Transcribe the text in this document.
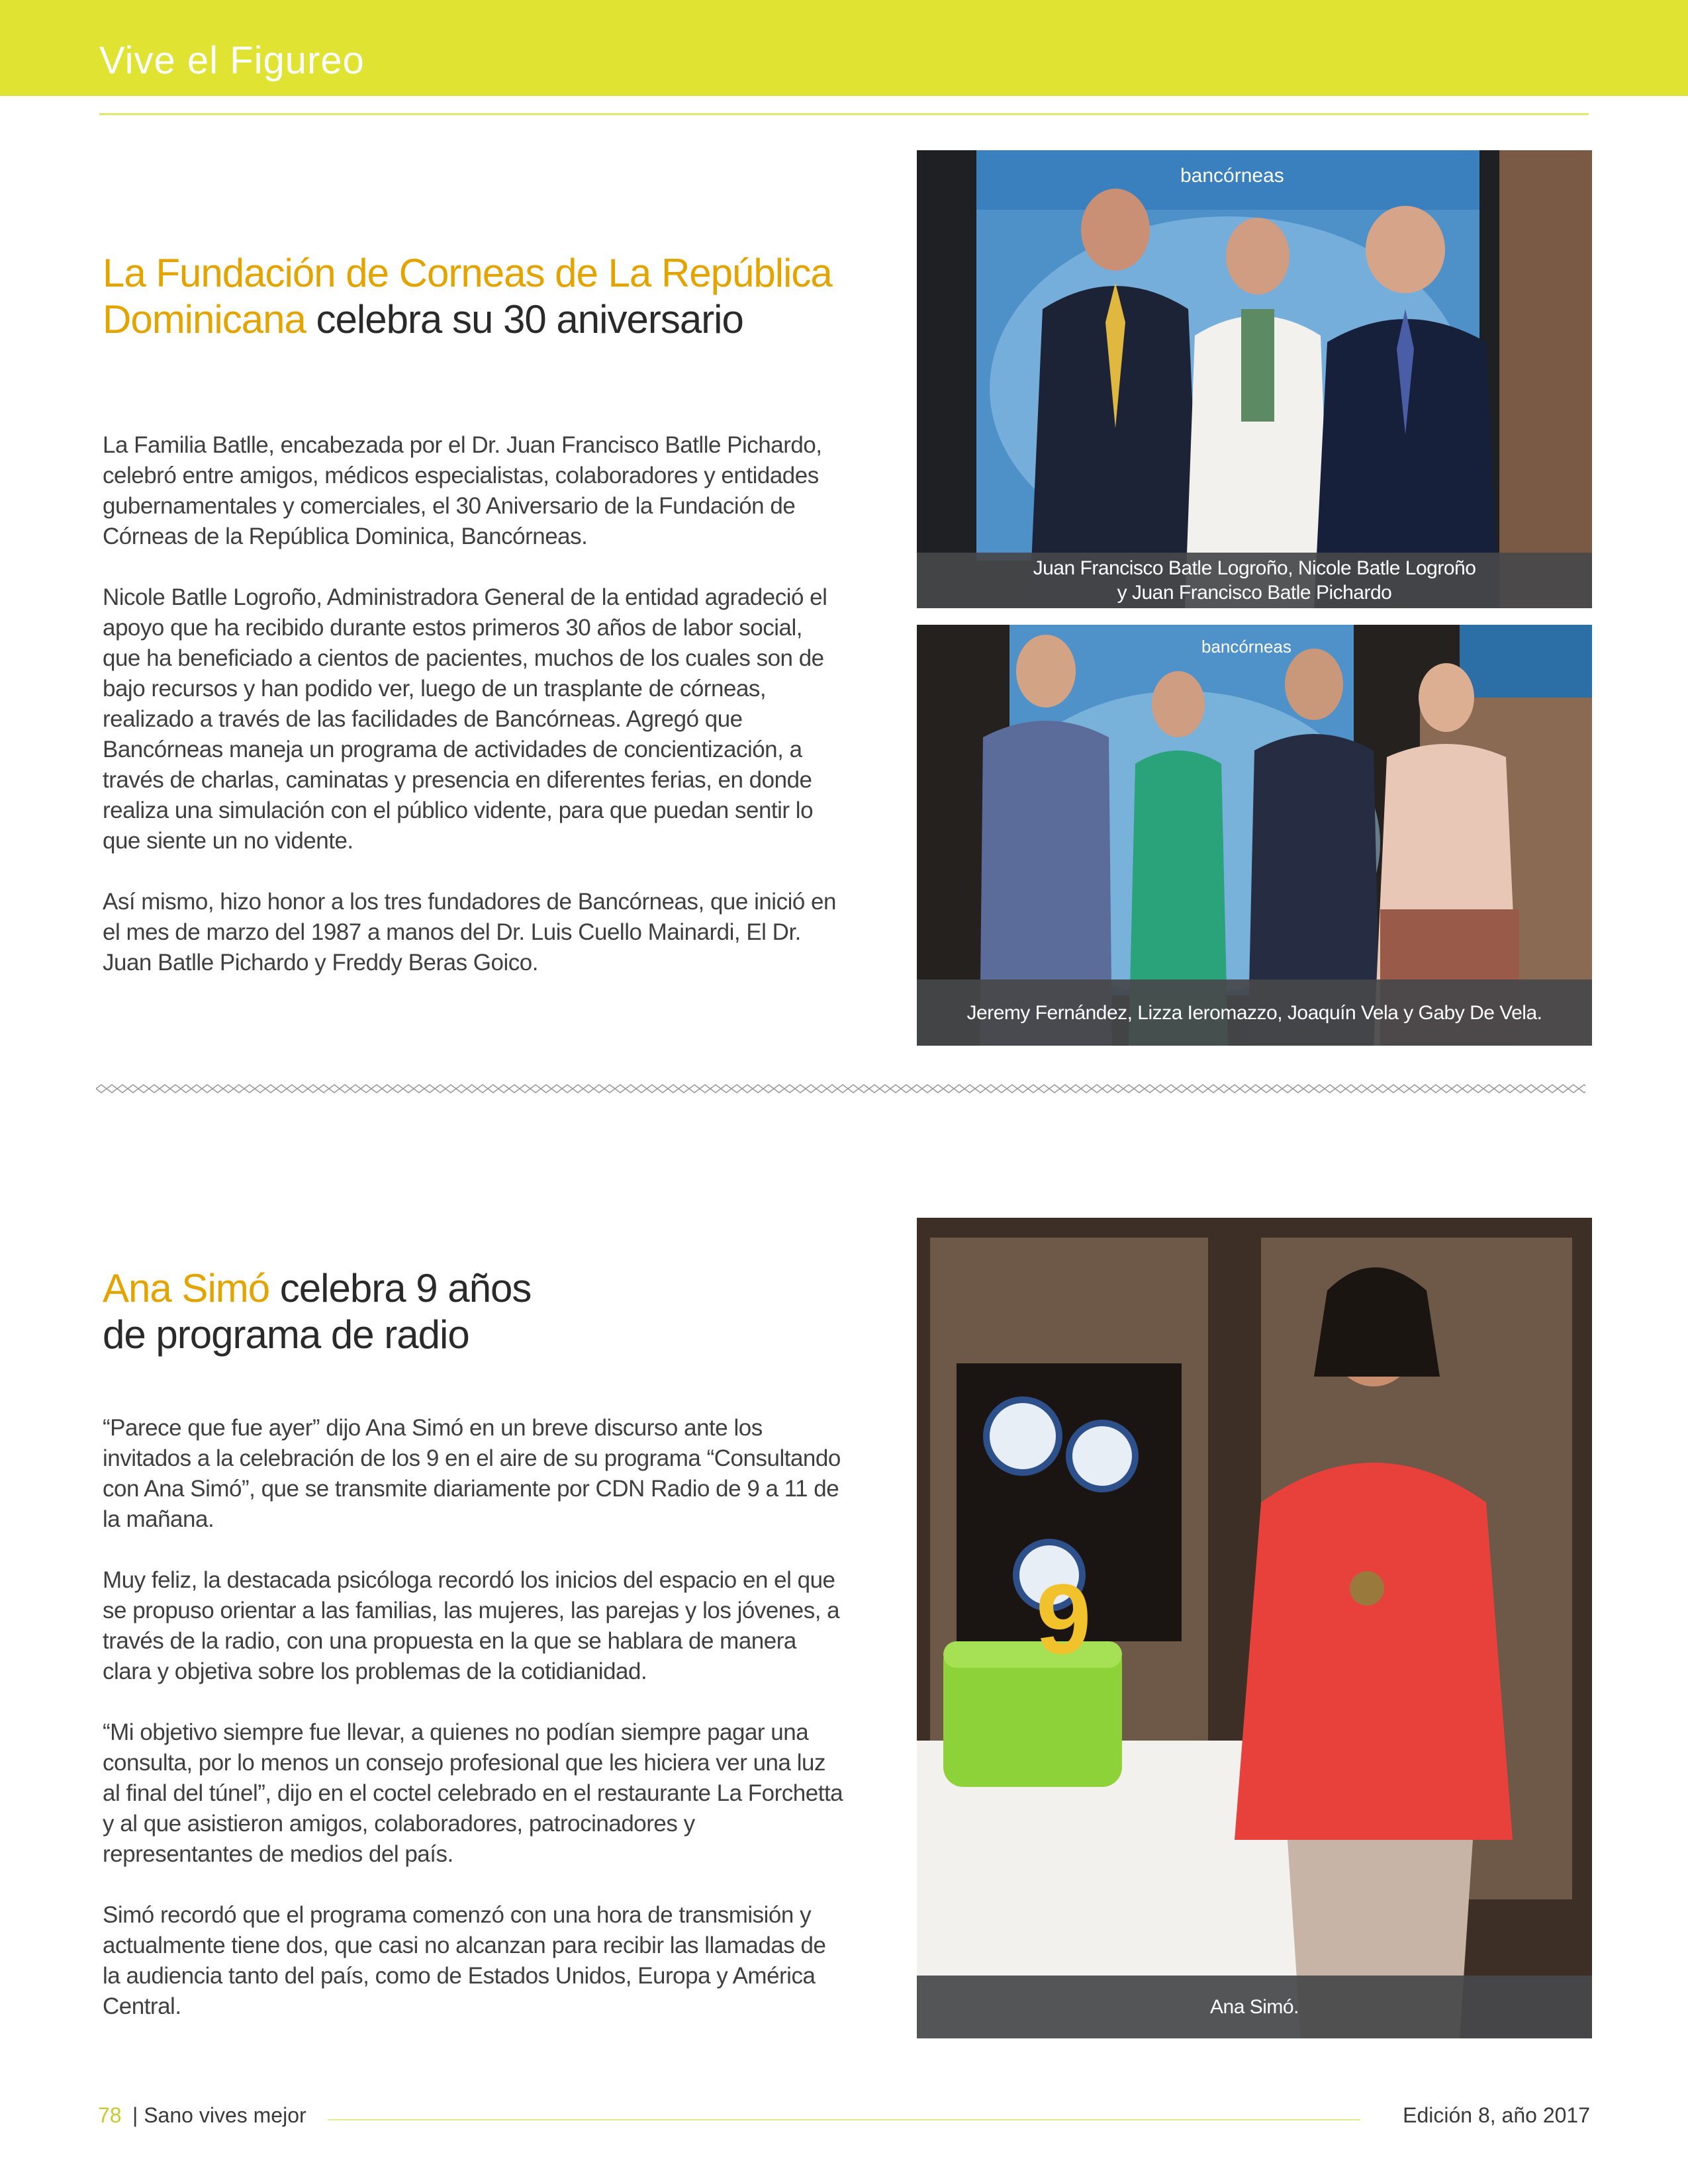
Vive el Figureo
La Fundación de Corneas de La República
Dominicana celebra su 30 aniversario

La Familia Batlle, encabezada por el Dr. Juan Francisco Batlle Pichardo, celebró entre amigos, médicos especialistas, colaboradores y entidades gubernamentales y comerciales, el 30 Aniversario de la Fundación de Córneas de la República Dominica, Bancórneas.

Nicole Batlle Logroño, Administradora General de la entidad agradeció el apoyo que ha recibido durante estos primeros 30 años de labor social, que ha beneficiado a cientos de pacientes, muchos de los cuales son de bajo recursos y han podido ver, luego de un trasplante de córneas, realizado a través de las facilidades de Bancórneas. Agregó que Bancórneas maneja un programa de actividades de concientización, a través de charlas, caminatas y presencia en diferentes ferias, en donde realiza una simulación con el público vidente, para que puedan sentir lo que siente un no vidente.

Así mismo, hizo honor a los tres fundadores de Bancórneas, que inició en el mes de marzo del 1987 a manos del Dr. Luis Cuello Mainardi, El Dr. Juan Batlle Pichardo y Freddy Beras Goico.

bancórneas
Juan Francisco Batle Logroño, Nicole Batle Logroño
y Juan Francisco Batle Pichardo
bancórneas
Jeremy Fernández, Lizza Ieromazzo, Joaquín Vela y Gaby De Vela.
Ana Simó celebra 9 años
de programa de radio

“Parece que fue ayer” dijo Ana Simó en un breve discurso ante los invitados a la celebración de los 9 en el aire de su programa “Consultando con Ana Simó”, que se transmite diariamente por CDN Radio de 9 a 11 de la mañana.

Muy feliz, la destacada psicóloga recordó los inicios del espacio en el que se propuso orientar a las familias, las mujeres, las parejas y los jóvenes, a través de la radio, con una propuesta en la que se hablara de manera clara y objetiva sobre los problemas de la cotidianidad.

“Mi objetivo siempre fue llevar, a quienes no podían siempre pagar una consulta, por lo menos un consejo profesional que les hiciera ver una luz al final del túnel”, dijo en el coctel celebrado en el restaurante La Forchetta y al que asistieron amigos, colaboradores, patrocinadores y representantes de medios del país.

Simó recordó que el programa comenzó con una hora de transmisión y actualmente tiene dos, que casi no alcanzan para recibir las llamadas de la audiencia tanto del país, como de Estados Unidos, Europa y América Central.

9
Ana Simó.
78 | Sano vives mejor	Edición 8, año 2017
